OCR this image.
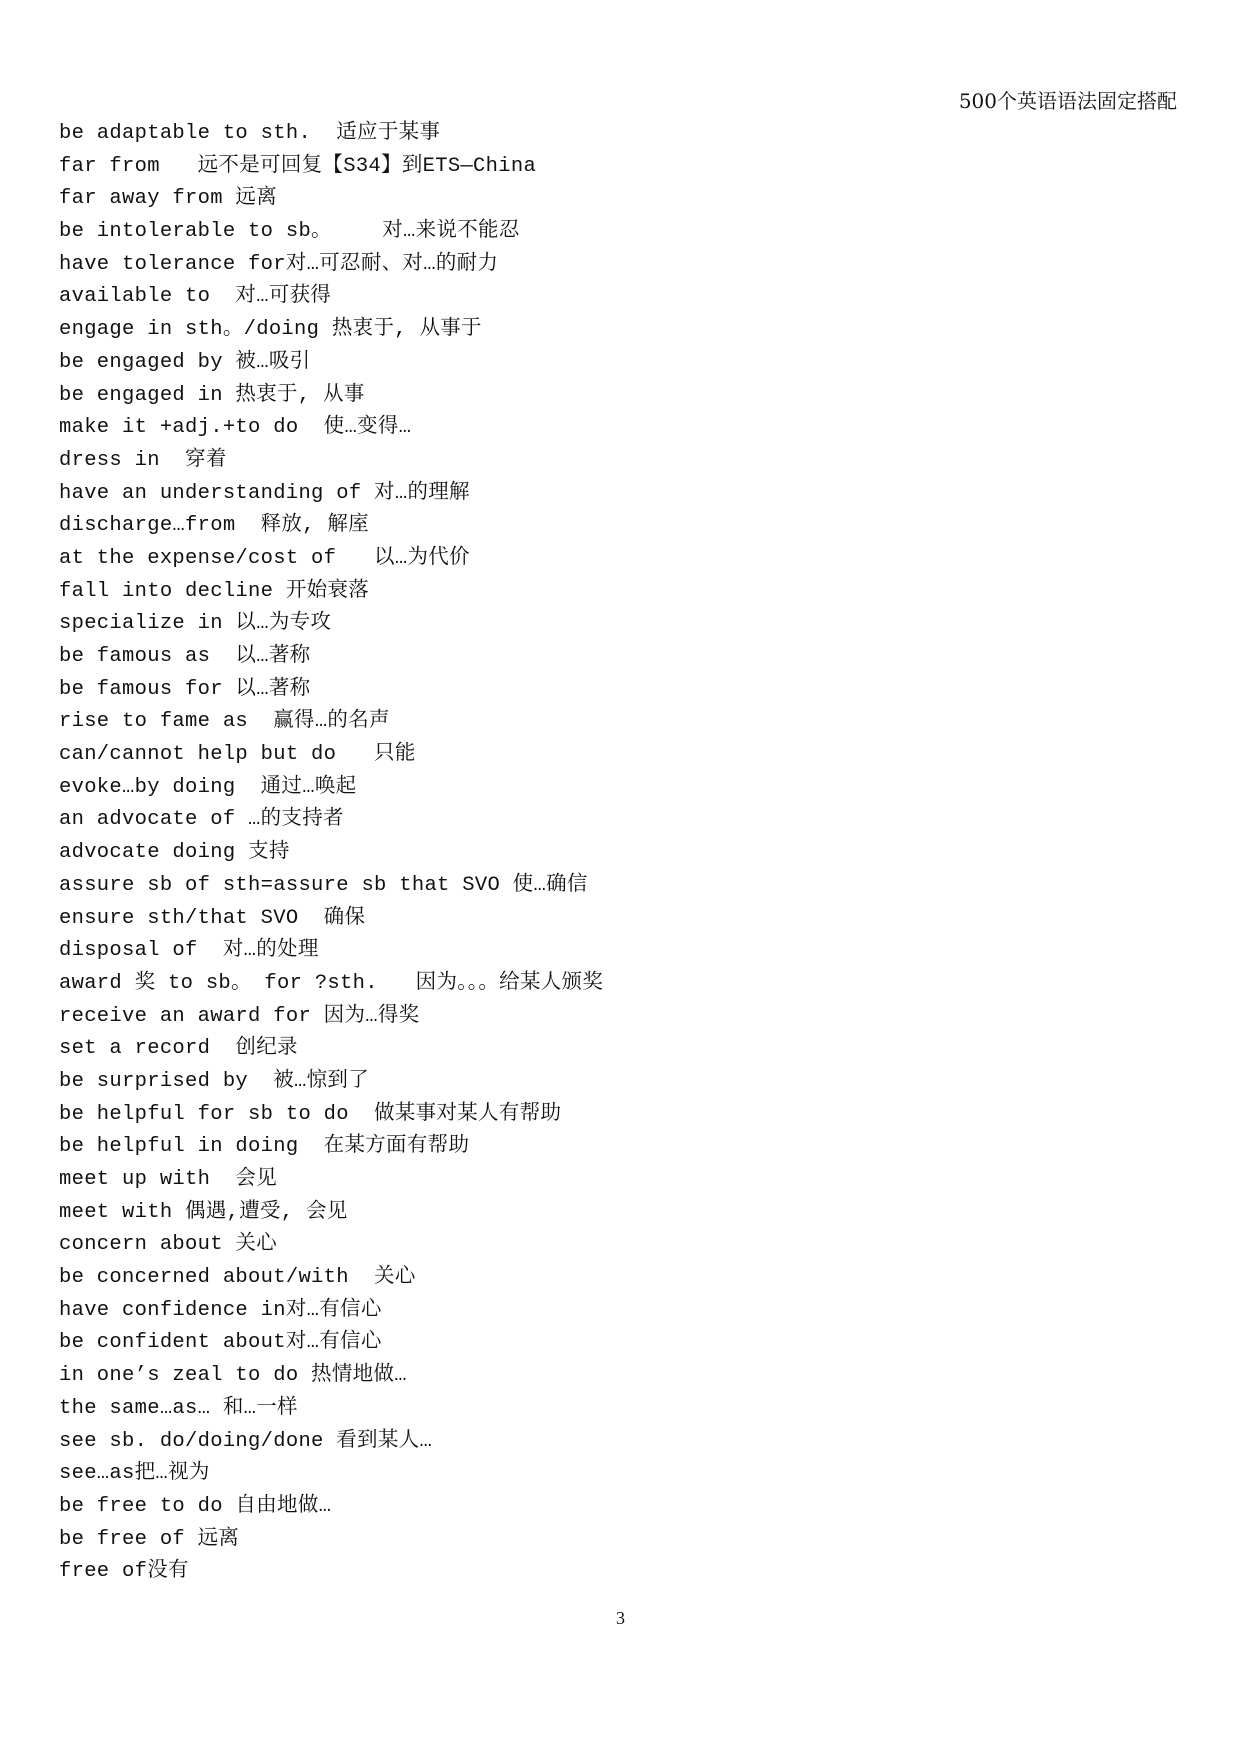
500个英语语法固定搭配
be adaptable to sth.  适应于某事
far from   远不是可回复【S34】到ETS—China
far away from 远离
be intolerable to sb。    对…来说不能忍
have tolerance for对…可忍耐、对…的耐力
available to  对…可获得
engage in sth。/doing 热衷于, 从事于
be engaged by 被…吸引
be engaged in 热衷于, 从事
make it +adj.+to do  使…变得…
dress in  穿着
have an understanding of 对…的理解
discharge…from  释放, 解庢
at the expense/cost of   以…为代价
fall into decline 开始衰落
specialize in 以…为专攻
be famous as  以…著称
be famous for 以…著称
rise to fame as  赢得…的名声
can/cannot help but do   只能
evoke…by doing  通过…唤起
an advocate of …的支持者
advocate doing 支持
assure sb of sth=assure sb that SVO 使…确信
ensure sth/that SVO  确保
disposal of  对…的处理
award 奖 to sb。 for ?sth.   因为。。。给某人颁奖
receive an award for 因为…得奖
set a record  创纪录
be surprised by  被…惊到了
be helpful for sb to do  做某事对某人有帮助
be helpful in doing  在某方面有帮助
meet up with  会见
meet with 偶遇,遭受, 会见
concern about 关心
be concerned about/with  关心
have confidence in对…有信心
be confident about对…有信心
in one’s zeal to do 热情地做…
the same…as… 和…一样
see sb. do/doing/done 看到某人…
see…as把…视为
be free to do 自由地做…
be free of 远离
free of没有
3
